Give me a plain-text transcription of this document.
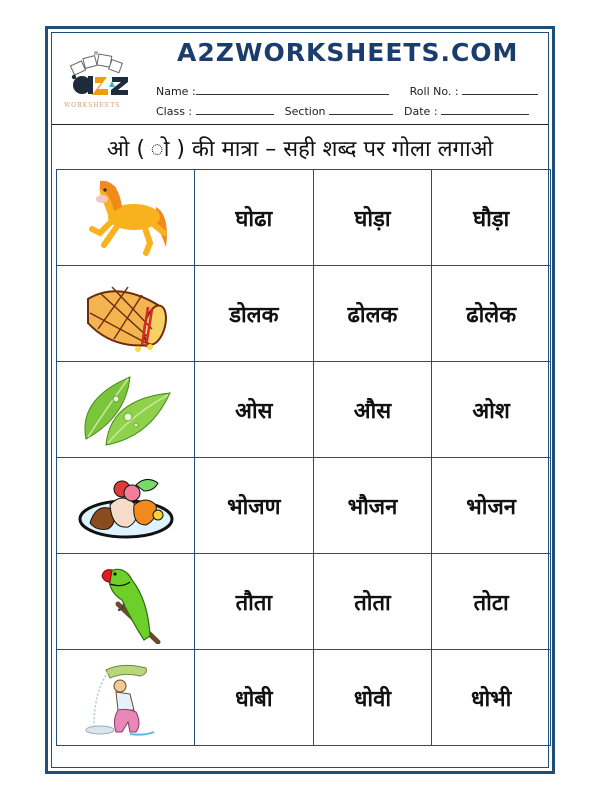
WORKSHEETS
A2ZWORKSHEETS.COM
Name :	Roll No. :
Class :	Section	Date :
ओ ( ो ) की मात्रा – सही शब्द पर गोला लगाओ
	घोढा	घोड़ा	घौड़ा

	डोलक	ढोलक	ढोलेक

	ओस	औस	ओश

	भोजण	भौजन	भोजन

	तौता	तोता	तोटा

	धोबी	धोवी	धोभी
